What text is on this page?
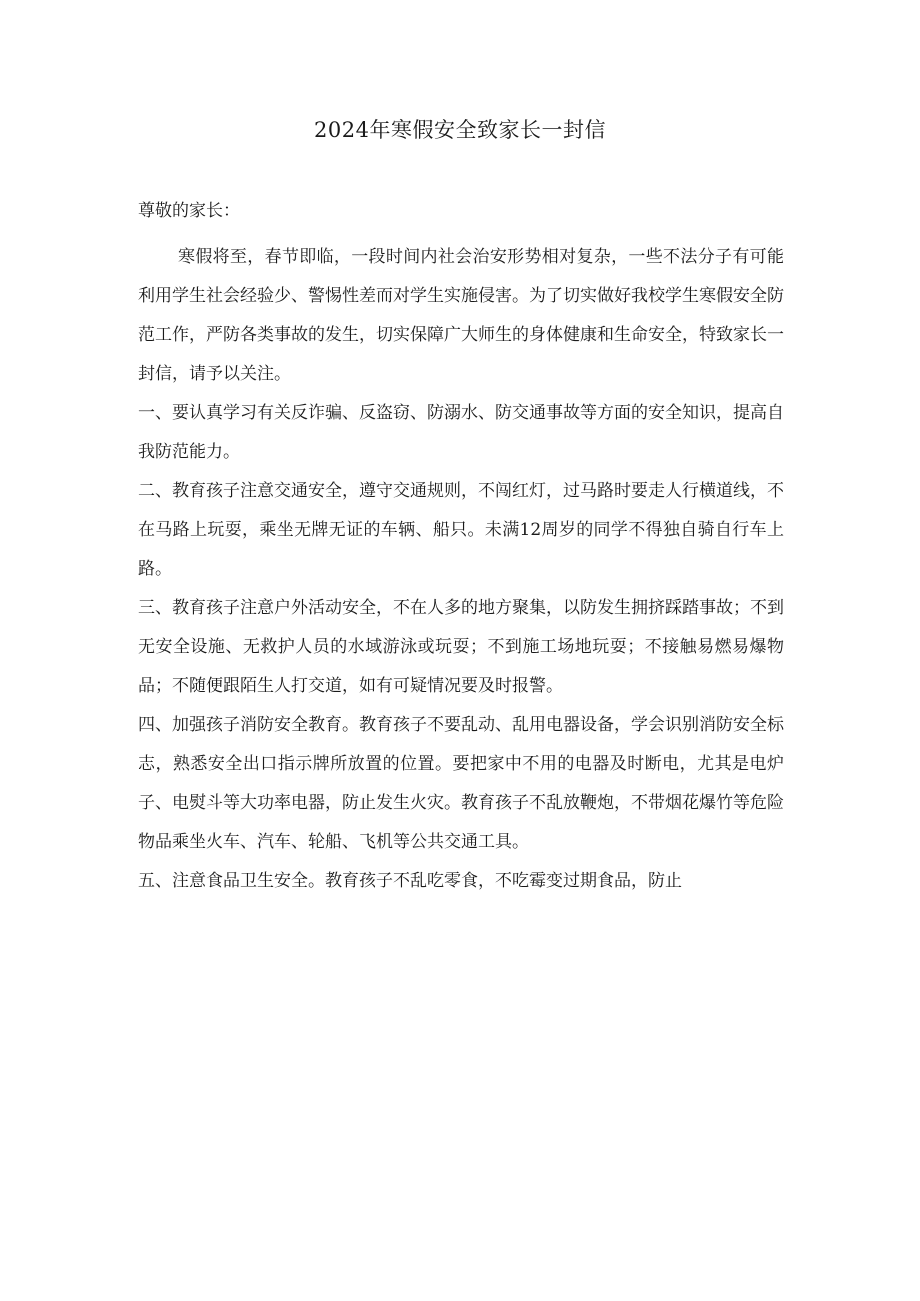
2024年寒假安全致家长一封信
尊敬的家长：

寒假将至，春节即临，一段时间内社会治安形势相对复杂，一些不法分子有可能利用学生社会经验少、警惕性差而对学生实施侵害。为了切实做好我校学生寒假安全防范工作，严防各类事故的发生，切实保障广大师生的身体健康和生命安全，特致家长一封信，请予以关注。

一、要认真学习有关反诈骗、反盗窃、防溺水、防交通事故等方面的安全知识，提高自我防范能力。

二、教育孩子注意交通安全，遵守交通规则，不闯红灯，过马路时要走人行横道线，不在马路上玩耍，乘坐无牌无证的车辆、船只。未满12周岁的同学不得独自骑自行车上路。

三、教育孩子注意户外活动安全，不在人多的地方聚集，以防发生拥挤踩踏事故；不到无安全设施、无救护人员的水域游泳或玩耍；不到施工场地玩耍；不接触易燃易爆物品；不随便跟陌生人打交道，如有可疑情况要及时报警。

四、加强孩子消防安全教育。教育孩子不要乱动、乱用电器设备，学会识别消防安全标志，熟悉安全出口指示牌所放置的位置。要把家中不用的电器及时断电，尤其是电炉子、电熨斗等大功率电器，防止发生火灾。教育孩子不乱放鞭炮，不带烟花爆竹等危险物品乘坐火车、汽车、轮船、飞机等公共交通工具。

五、注意食品卫生安全。教育孩子不乱吃零食，不吃霉变过期食品，防止
